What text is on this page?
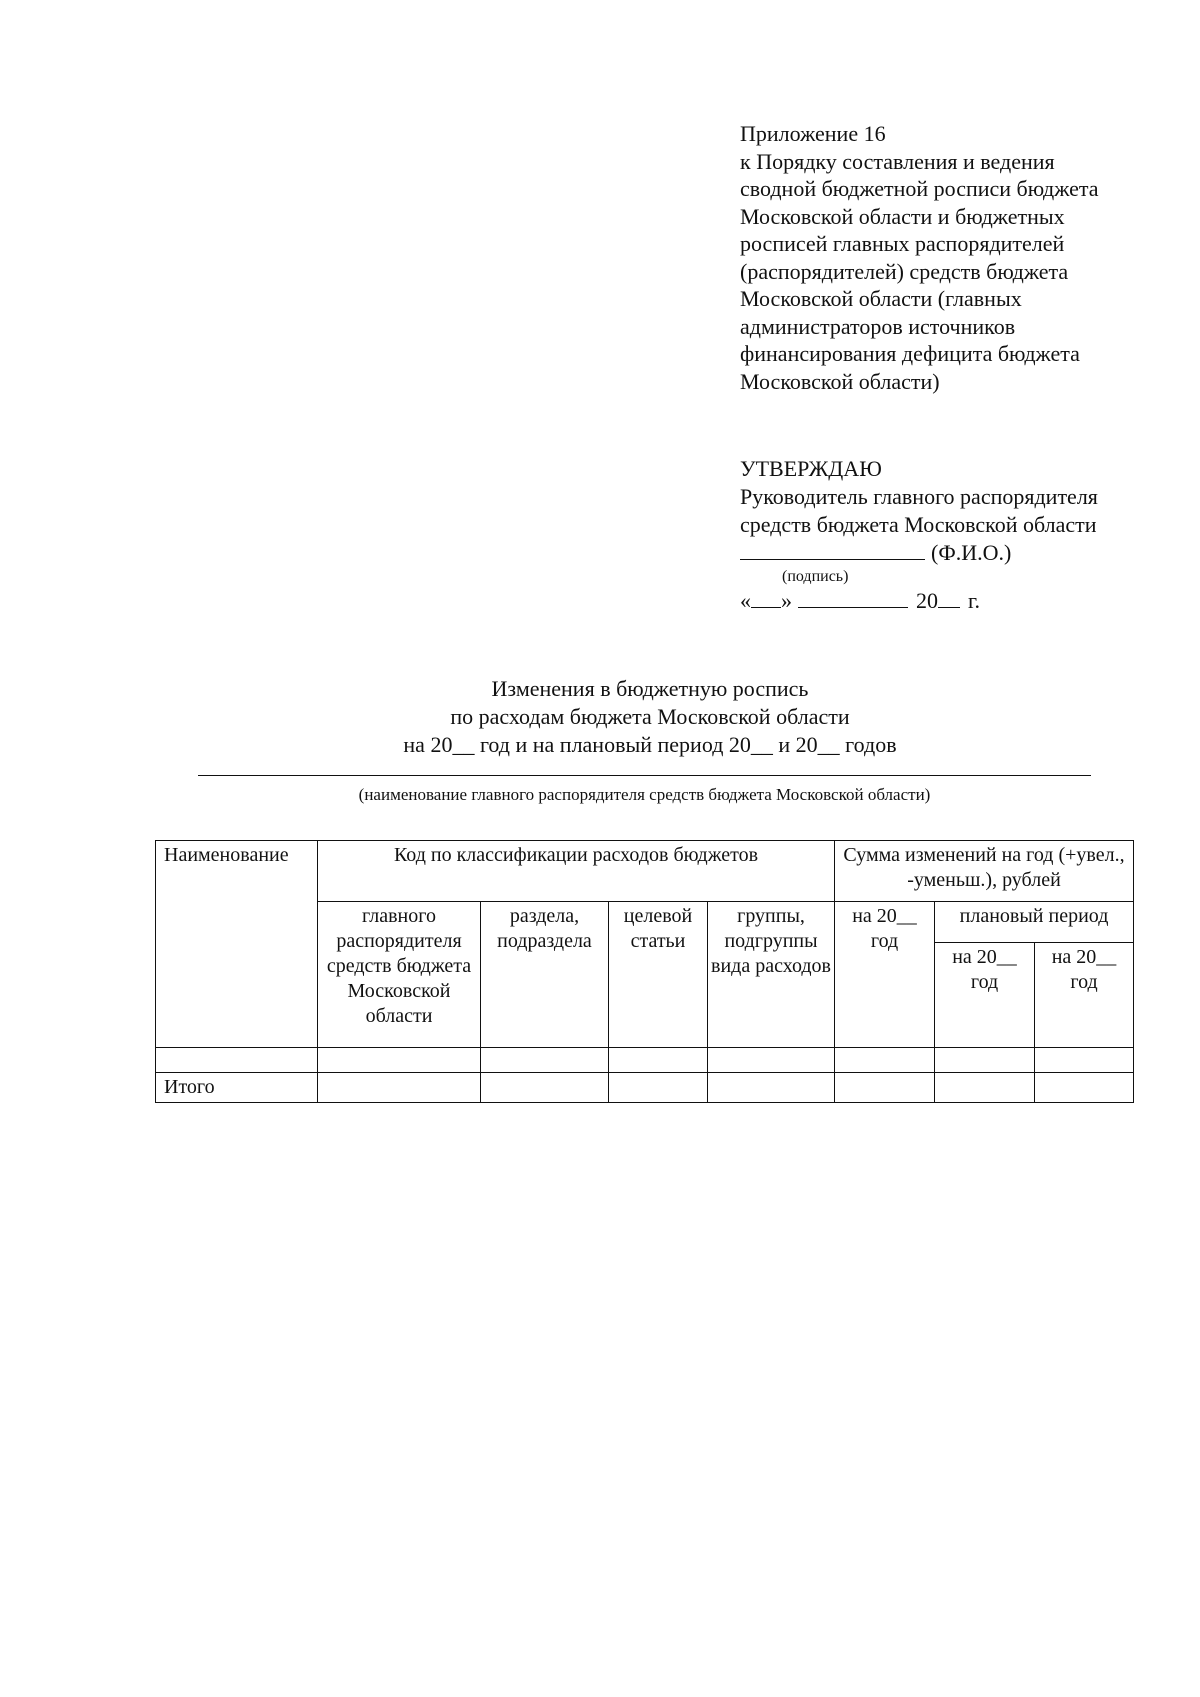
Приложение 16
к Порядку составления и ведения
сводной бюджетной росписи бюджета
Московской области и бюджетных
росписей главных распорядителей
(распорядителей) средств бюджета
Московской области (главных
администраторов источников
финансирования дефицита бюджета
Московской области)
УТВЕРЖДАЮ
Руководитель главного распорядителя
средств бюджета Московской области
(Ф.И.О.)
(подпись)
« »	20 г.
Изменения в бюджетную роспись
по расходам бюджета Московской области
на 20__ год и на плановый период 20__ и 20__ годов
(наименование главного распорядителя средств бюджета Московской области)
Наименование	Код по классификации расходов бюджетов				Сумма изменений на год (+увел., -уменьш.), рублей		
	главного распорядителя средств бюджета Московской области	раздела, подраздела	целевой статьи	группы, подгруппы вида расходов	на 20__ год	плановый период	
						на 20__ год	на 20__ год

Итого							
